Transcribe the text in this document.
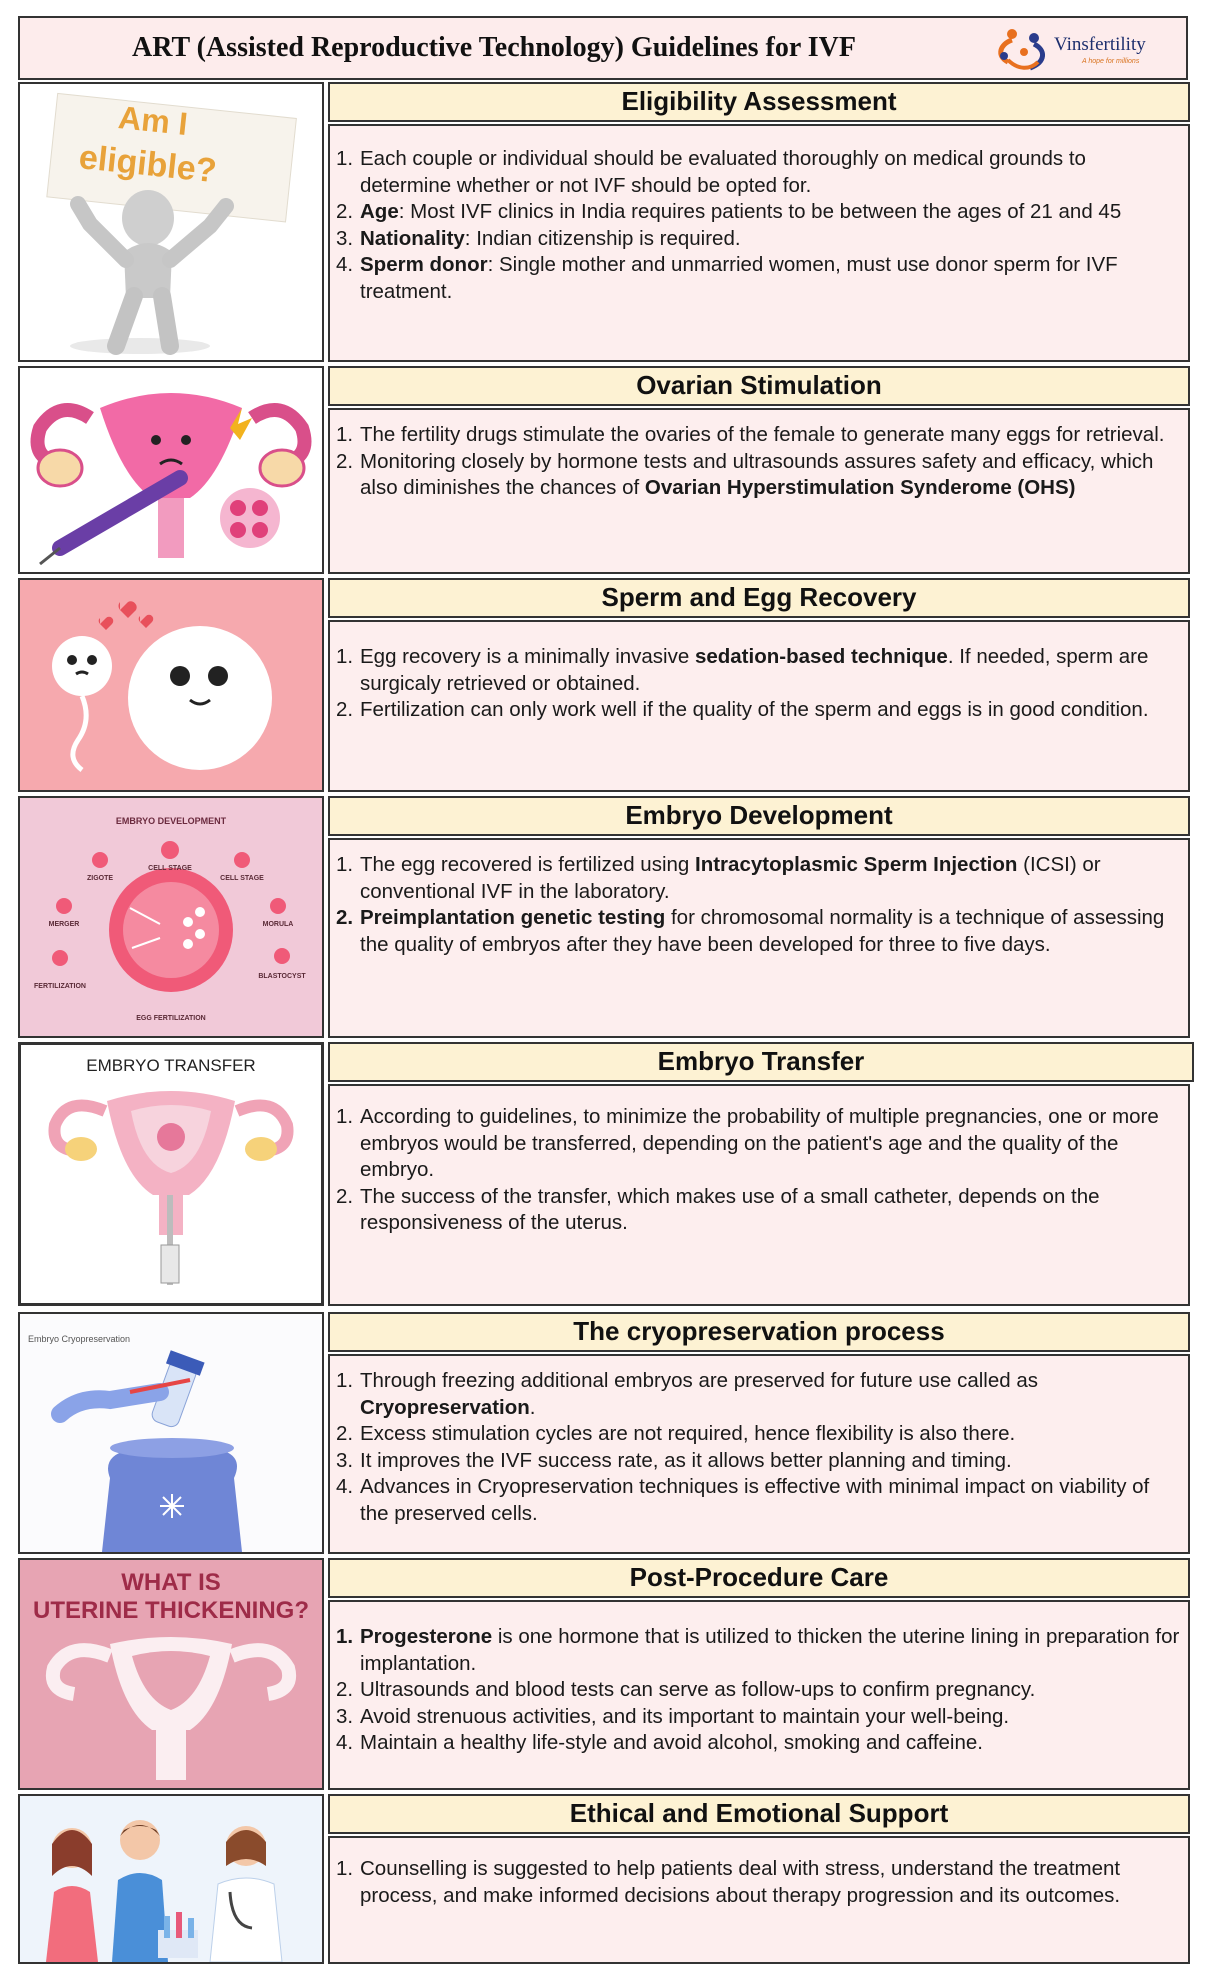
ART (Assisted Reproductive Technology) Guidelines for IVF	Vinsfertility
A hope for millions
Am I
eligible?
Eligibility Assessment
1. Each couple or individual should be evaluated thoroughly on medical grounds to determine whether or not IVF should be opted for.
2. Age: Most IVF clinics in India requires patients to be between the ages of 21 and 45
3. Nationality: Indian citizenship is required.
4. Sperm donor: Single mother and unmarried women, must use donor sperm for IVF treatment.
Ovarian Stimulation
1. The fertility drugs stimulate the ovaries of the female to generate many eggs for retrieval.
2. Monitoring closely by hormone tests and ultrasounds assures safety and efficacy, which also diminishes the chances of Ovarian Hyperstimulation Synderome (OHS)
Sperm and Egg Recovery
1. Egg recovery is a minimally invasive sedation-based technique. If needed, sperm are surgicaly retrieved or obtained.
2. Fertilization can only work well if the quality of the sperm and eggs is in good condition.
EMBRYO DEVELOPMENT
CELL STAGE
ZIGOTE	CELL STAGE
MERGER	MORULA
FERTILIZATION
BLASTOCYST
EGG FERTILIZATION
Embryo Development
1. The egg recovered is fertilized using Intracytoplasmic Sperm Injection (ICSI) or conventional IVF in the laboratory.
2. Preimplantation genetic testing for chromosomal normality is a technique of assessing the quality of embryos after they have been developed for three to five days.
EMBRYO TRANSFER	Embryo Transfer
1. According to guidelines, to minimize the probability of multiple pregnancies, one or more embryos would be transferred, depending on the patient's age and the quality of the embryo.
2. The success of the transfer, which makes use of a small catheter, depends on the responsiveness of the uterus.
Embryo Cryopreservation	The cryopreservation process
1. Through freezing additional embryos are preserved for future use called as Cryopreservation.
2. Excess stimulation cycles are not required, hence flexibility is also there.
3. It improves the IVF success rate, as it allows better planning and timing.
4. Advances in Cryopreservation techniques is effective with minimal impact on viability of the preserved cells.
WHAT IS
UTERINE THICKENING?
Post-Procedure Care
1. Progesterone is one hormone that is utilized to thicken the uterine lining in preparation for implantation.
2. Ultrasounds and blood tests can serve as follow-ups to confirm pregnancy.
3. Avoid strenuous activities, and its important to maintain your well-being.
4. Maintain a healthy life-style and avoid alcohol, smoking and caffeine.
Ethical and Emotional Support
1. Counselling is suggested to help patients deal with stress, understand the treatment process, and make informed decisions about therapy progression and its outcomes.
